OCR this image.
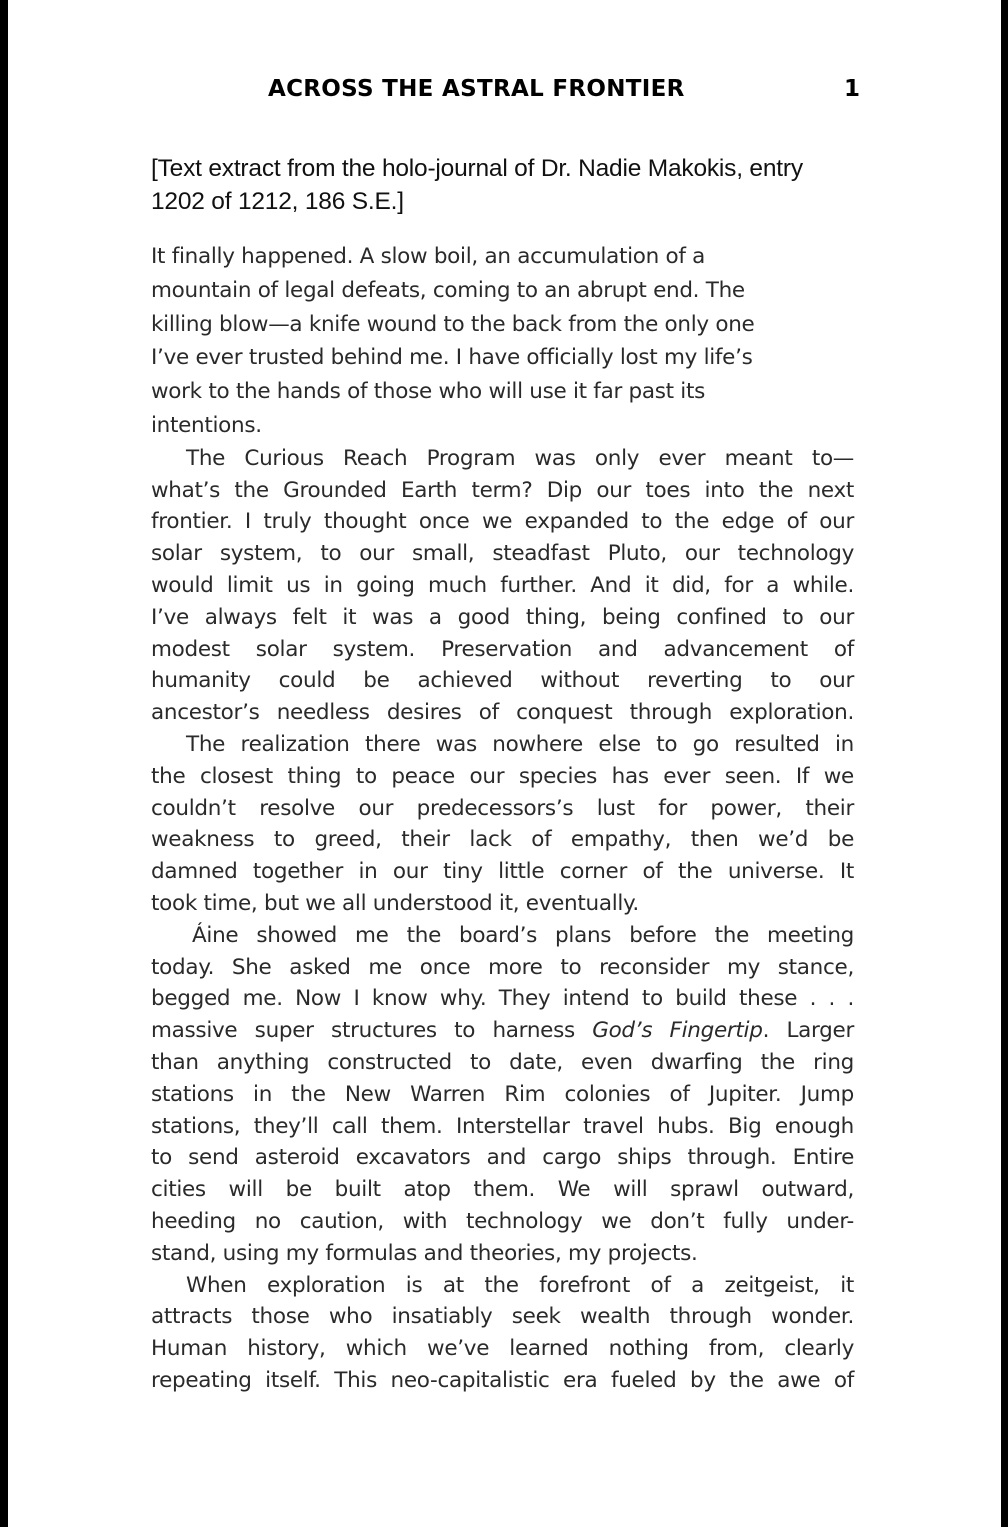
ACROSS THE ASTRAL FRONTIER	1
[Text extract from the holo-journal of Dr. Nadie Makokis, entry
1202 of 1212, 186 S.E.]
It finally happened. A slow boil, an accumulation of a
mountain of legal defeats, coming to an abrupt end. The
killing blow—a knife wound to the back from the only one
I’ve ever trusted behind me. I have officially lost my life’s
work to the hands of those who will use it far past its
intentions.
The Curious Reach Program was only ever meant to—
what’s the Grounded Earth term? Dip our toes into the next
frontier. I truly thought once we expanded to the edge of our
solar system, to our small, steadfast Pluto, our technology
would limit us in going much further. And it did, for a while.
I’ve always felt it was a good thing, being confined to our
modest solar system. Preservation and advancement of
humanity could be achieved without reverting to our
ancestor’s needless desires of conquest through exploration.
The realization there was nowhere else to go resulted in
the closest thing to peace our species has ever seen. If we
couldn’t resolve our predecessors’s lust for power, their
weakness to greed, their lack of empathy, then we’d be
damned together in our tiny little corner of the universe. It
took time, but we all understood it, eventually.
Áine showed me the board’s plans before the meeting
today. She asked me once more to reconsider my stance,
begged me. Now I know why. They intend to build these . . .
massive super structures to harness God’s Fingertip. Larger
than anything constructed to date, even dwarfing the ring
stations in the New Warren Rim colonies of Jupiter. Jump
stations, they’ll call them. Interstellar travel hubs. Big enough
to send asteroid excavators and cargo ships through. Entire
cities will be built atop them. We will sprawl outward,
heeding no caution, with technology we don’t fully under-
stand, using my formulas and theories, my projects.
When exploration is at the forefront of a zeitgeist, it
attracts those who insatiably seek wealth through wonder.
Human history, which we’ve learned nothing from, clearly
repeating itself. This neo-capitalistic era fueled by the awe of
